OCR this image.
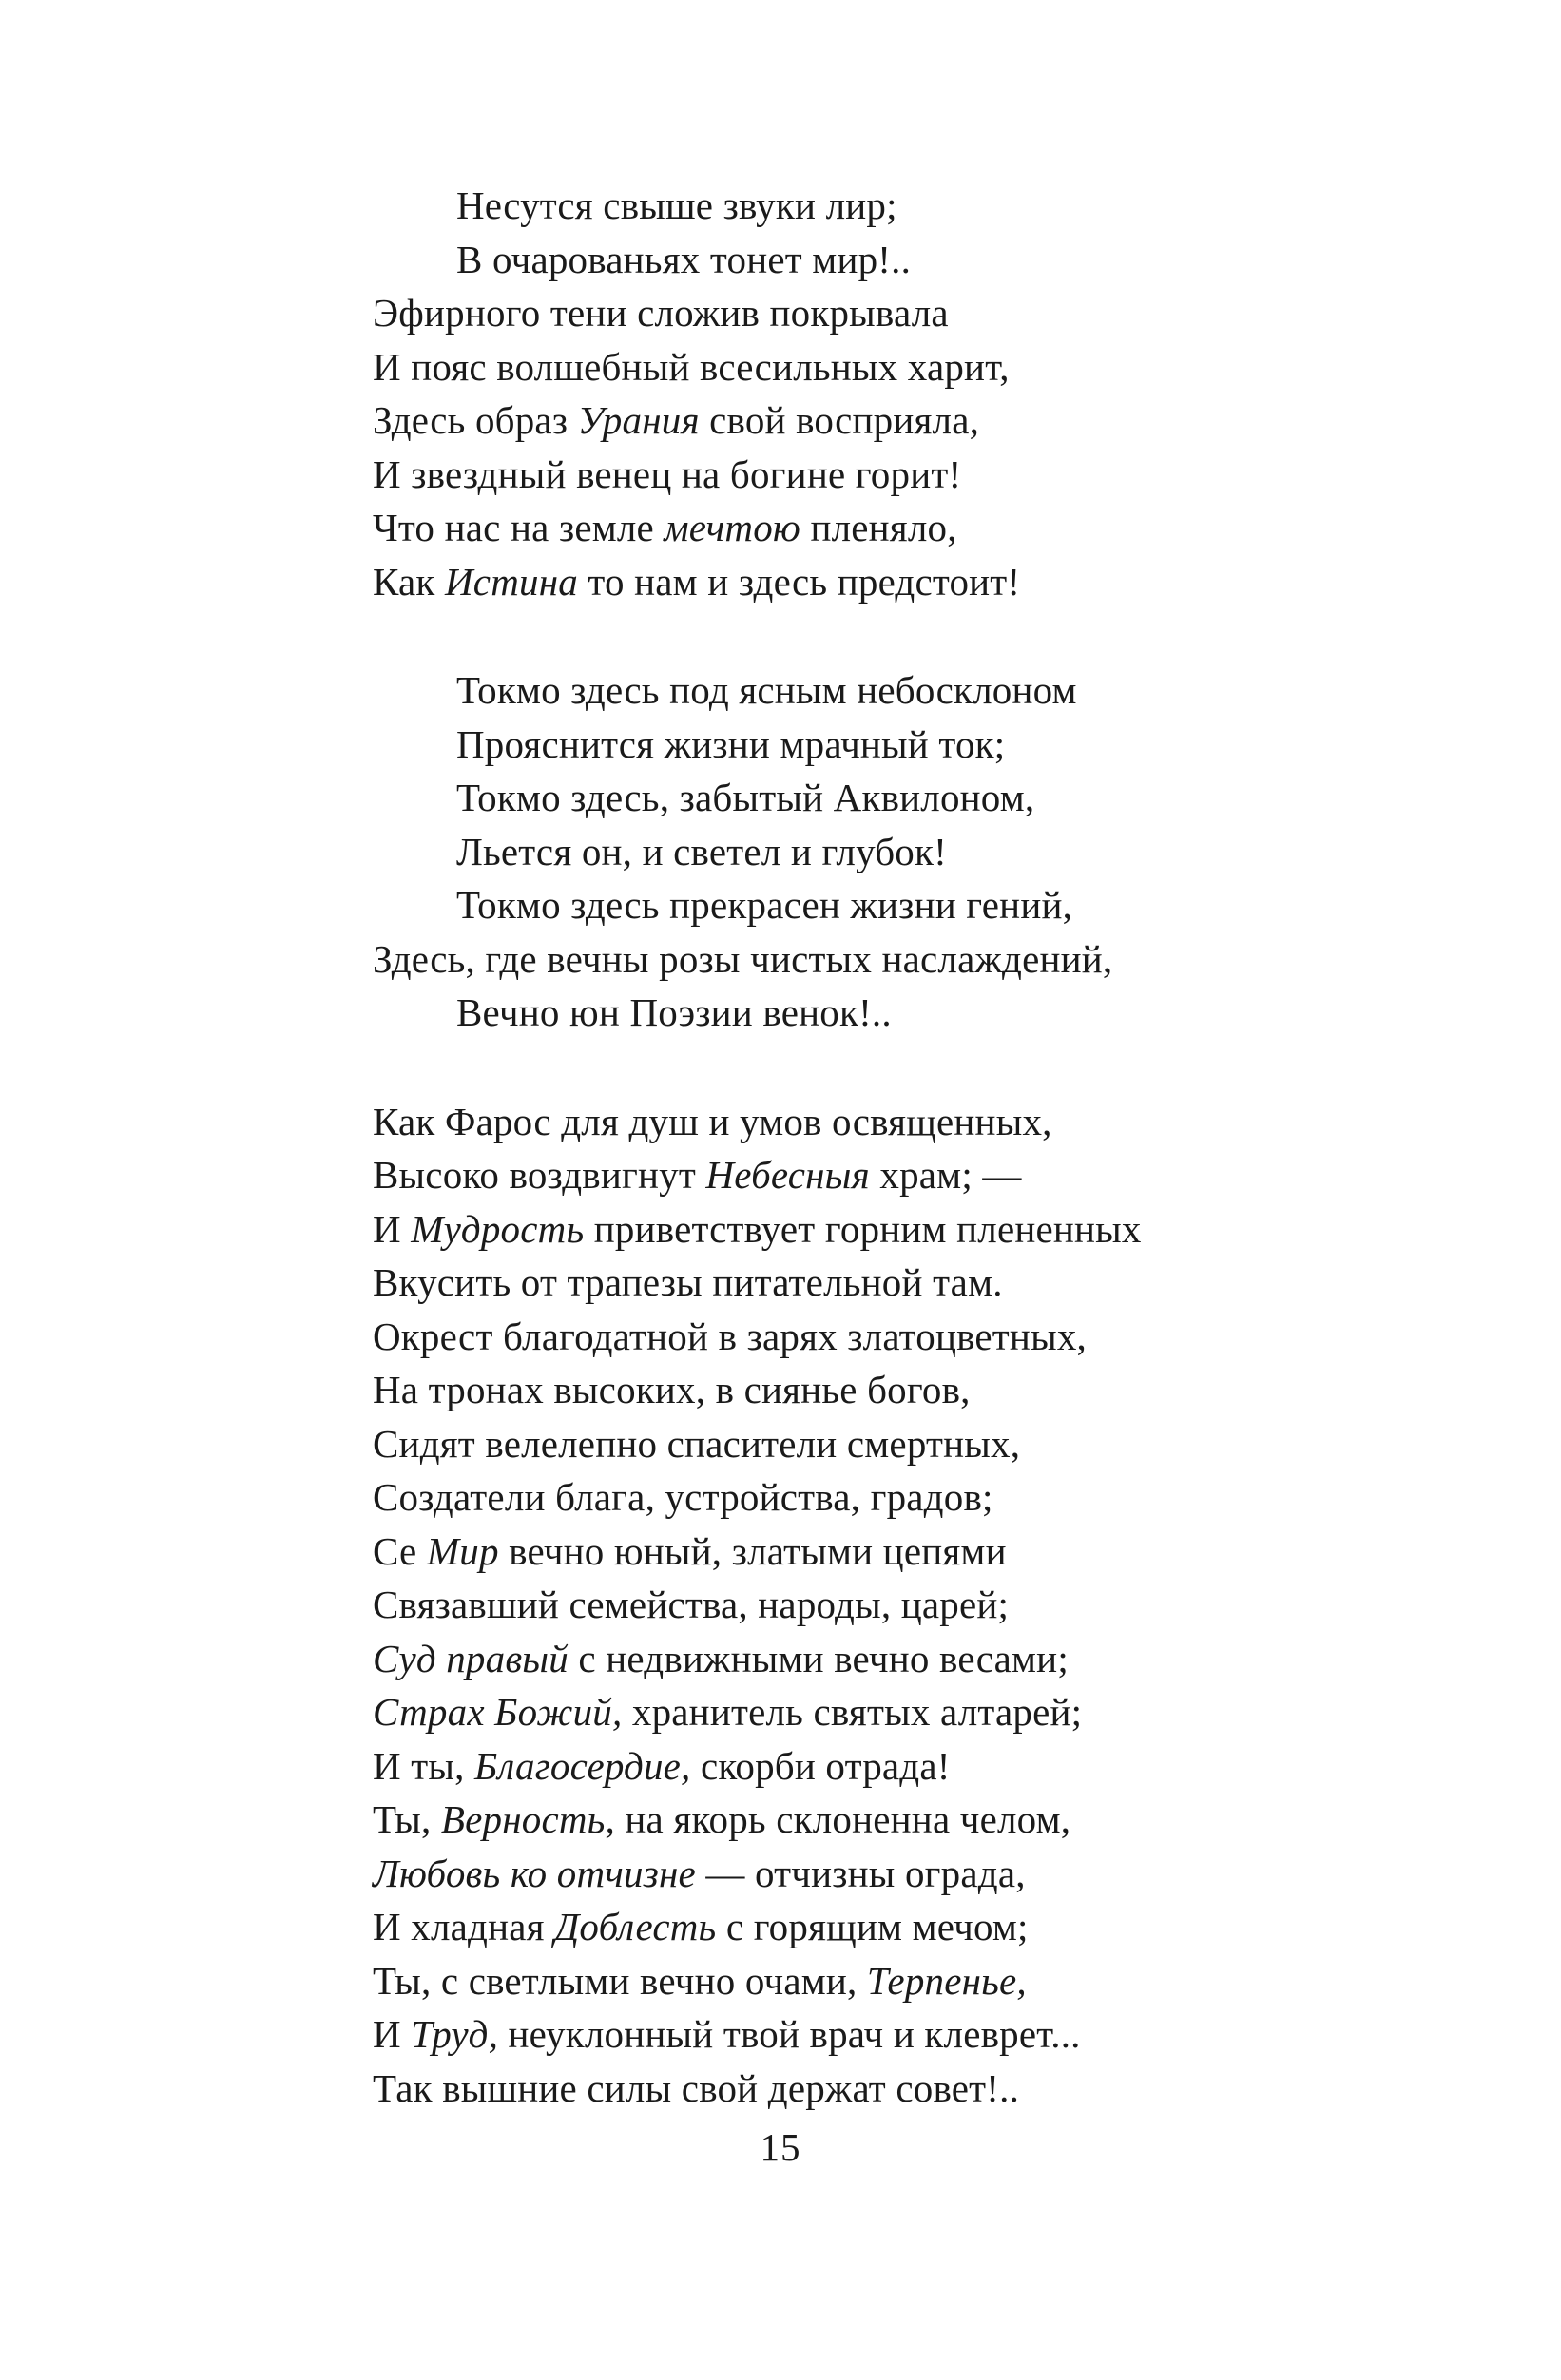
Несутся свыше звуки лир;
В очарованьях тонет мир!..
Эфирного тени сложив покрывала
И пояс волшебный всесильных харит,
Здесь образ Урания свой восприяла,
И звездный венец на богине горит!
Что нас на земле мечтою пленяло,
Как Истина то нам и здесь предстоит!
Токмо здесь под ясным небосклоном
Прояснится жизни мрачный ток;
Токмо здесь, забытый Аквилоном,
Льется он, и светел и глубок!
Токмо здесь прекрасен жизни гений,
Здесь, где вечны розы чистых наслаждений,
Вечно юн Поэзии венок!..
Как Фарос для душ и умов освященных,
Высоко воздвигнут Небесныя храм; —
И Мудрость приветствует горним плененных
Вкусить от трапезы питательной там.
Окрест благодатной в зарях златоцветных,
На тронах высоких, в сиянье богов,
Сидят велелепно спасители смертных,
Создатели блага, устройства, градов;
Се Мир вечно юный, златыми цепями
Связавший семейства, народы, царей;
Суд правый с недвижными вечно весами;
Страх Божий, хранитель святых алтарей;
И ты, Благосердие, скорби отрада!
Ты, Верность, на якорь склоненна челом,
Любовь ко отчизне — отчизны ограда,
И хладная Доблесть с горящим мечом;
Ты, с светлыми вечно очами, Терпенье,
И Труд, неуклонный твой врач и клеврет...
Так вышние силы свой держат совет!..
15
